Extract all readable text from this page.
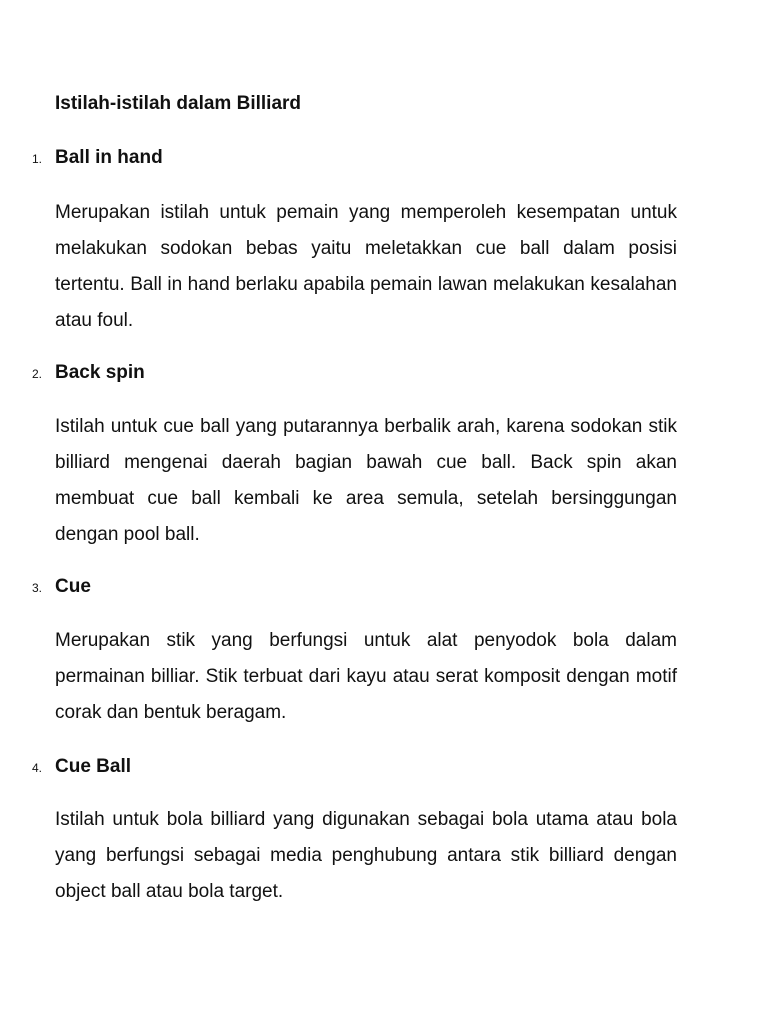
Istilah-istilah dalam Billiard
1. Ball in hand

Merupakan istilah untuk pemain yang memperoleh kesempatan untuk melakukan sodokan bebas yaitu meletakkan cue ball dalam posisi tertentu. Ball in hand berlaku apabila pemain lawan melakukan kesalahan atau foul.

2. Back spin

Istilah untuk cue ball yang putarannya berbalik arah, karena sodokan stik billiard mengenai daerah bagian bawah cue ball. Back spin akan membuat cue ball kembali ke area semula, setelah bersinggungan dengan pool ball.

3. Cue

Merupakan stik yang berfungsi untuk alat penyodok bola dalam permainan billiar. Stik terbuat dari kayu atau serat komposit dengan motif corak dan bentuk beragam.

4. Cue Ball

Istilah untuk bola billiard yang digunakan sebagai bola utama atau bola yang berfungsi sebagai media penghubung antara stik billiard dengan object ball atau bola target.
